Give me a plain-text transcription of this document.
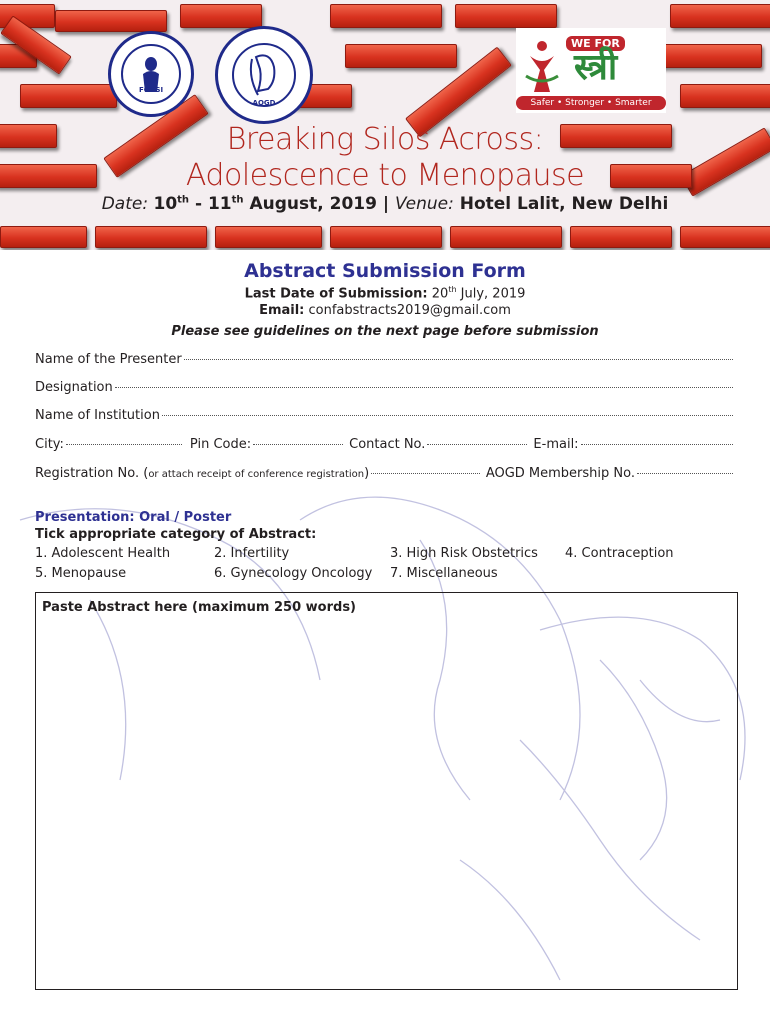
FOGSI
AOGD
WE FOR
स्त्री
Safer • Stronger • Smarter
Breaking Silos Across:
Adolescence to Menopause
Date: 10th - 11th August, 2019 | Venue: Hotel Lalit, New Delhi
Abstract Submission Form
Last Date of Submission: 20th July, 2019
Email: confabstracts2019@gmail.com
Please see guidelines on the next page before submission
Name of the Presenter
Designation
Name of Institution
City:	Pin Code:	Contact No.	E-mail:
Registration No. ( or attach receipt of conference registration )	AOGD Membership No.
Presentation: Oral / Poster
Tick appropriate category of Abstract:
1. Adolescent Health	2. Infertility	3. High Risk Obstetrics 4. Contraception
5. Menopause	6. Gynecology Oncology 7. Miscellaneous
Paste Abstract here (maximum 250 words)
